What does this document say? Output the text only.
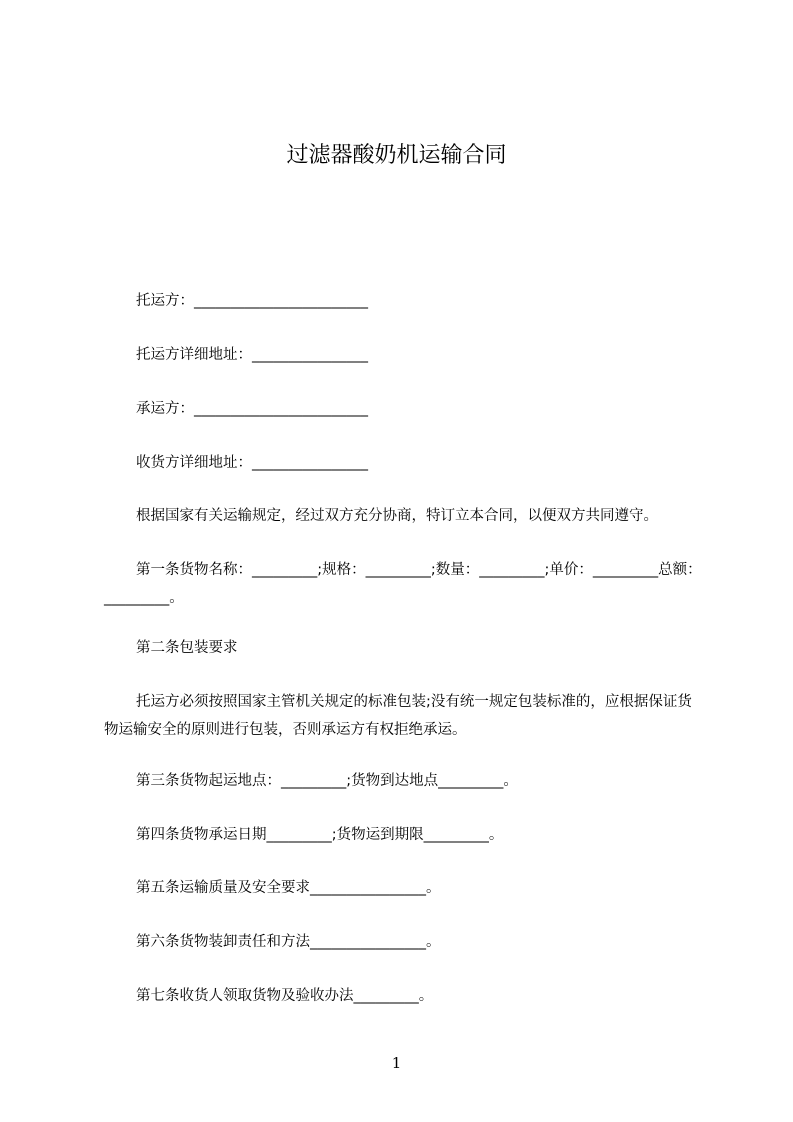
过滤器酸奶机运输合同

托运方：________________________

托运方详细地址：________________

承运方：________________________

收货方详细地址：________________

根据国家有关运输规定，经过双方充分协商，特订立本合同，以便双方共同遵守。

第一条货物名称：_________;规格：_________;数量：_________;单价：_________总额：_________。

第二条包装要求

托运方必须按照国家主管机关规定的标准包装;没有统一规定包装标准的，应根据保证货物运输安全的原则进行包装，否则承运方有权拒绝承运。

第三条货物起运地点：_________;货物到达地点_________。

第四条货物承运日期_________;货物运到期限_________。

第五条运输质量及安全要求________________。

第六条货物装卸责任和方法________________。

第七条收货人领取货物及验收办法_________。

1
